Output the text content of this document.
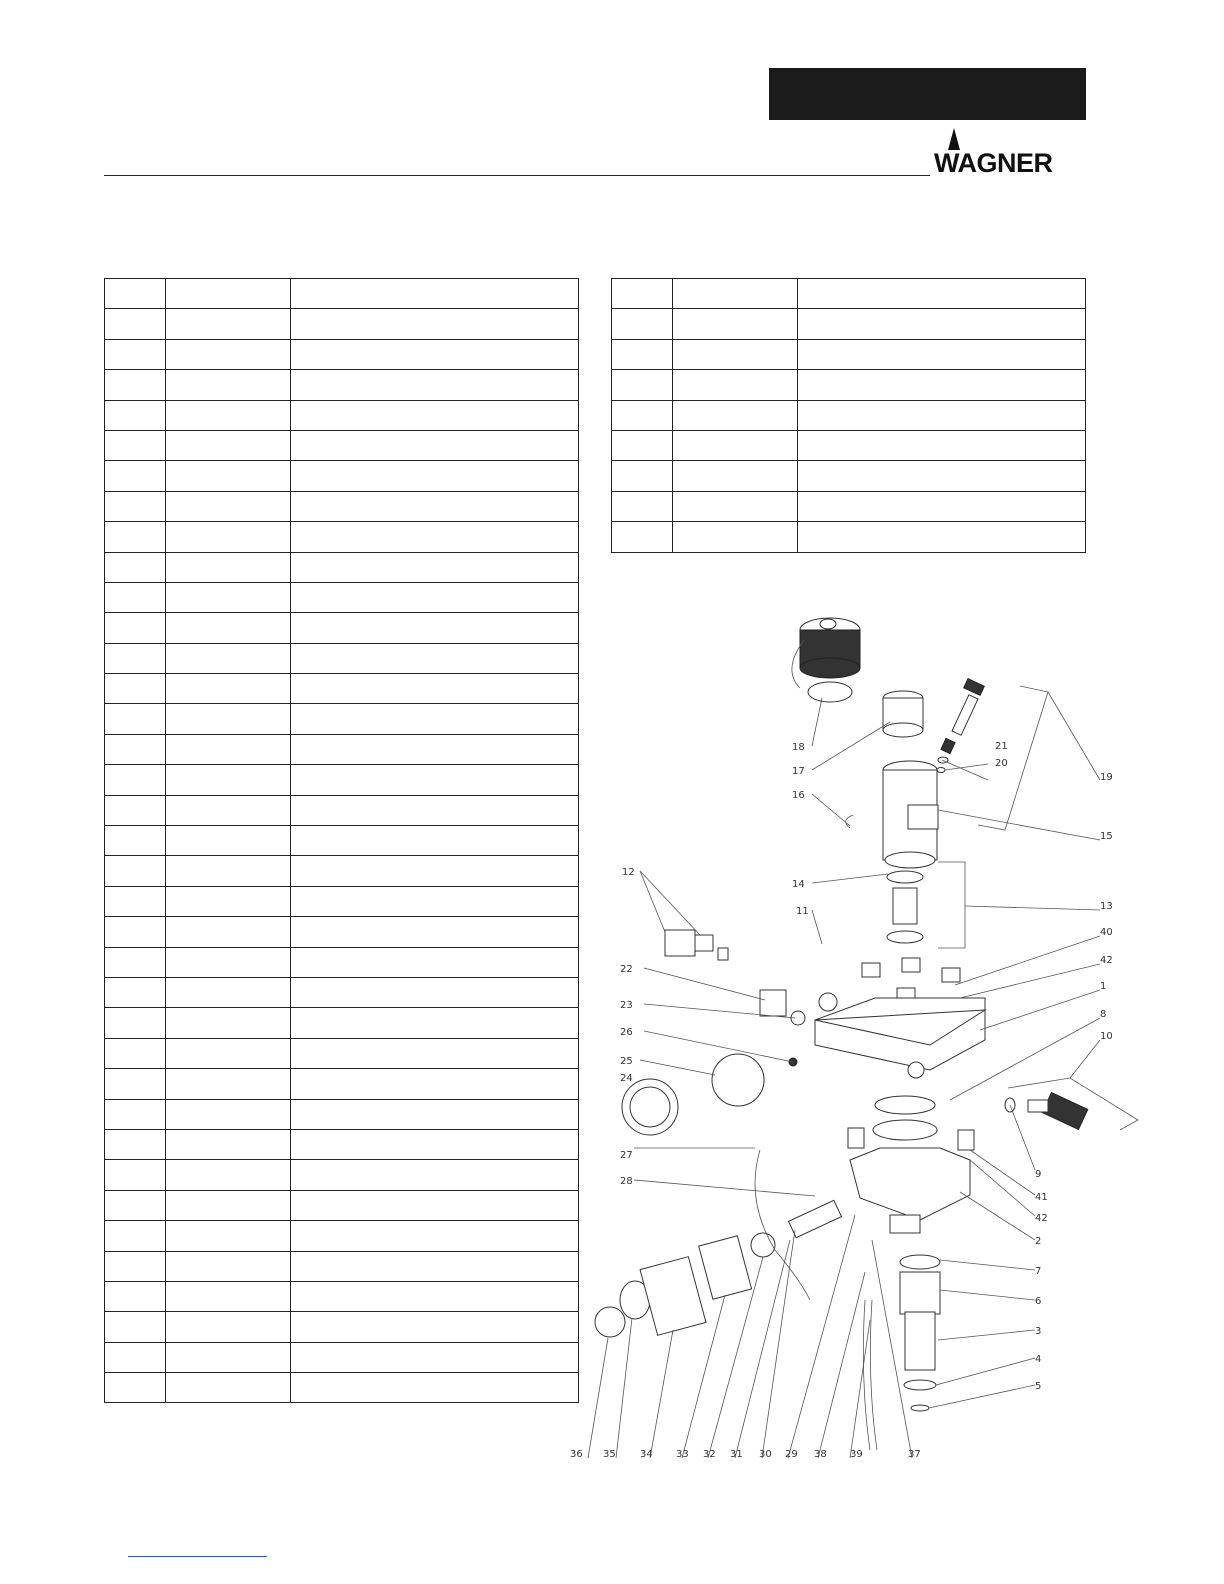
WAGNER

18
17
16
14
11
12
22
23
26
25
24
27
28
21
20
19
15
13
40
42
1
8
10
9
41
42
2
7
6
3
4
5
36 35 34 33 32 31 30 29 38 39	37
